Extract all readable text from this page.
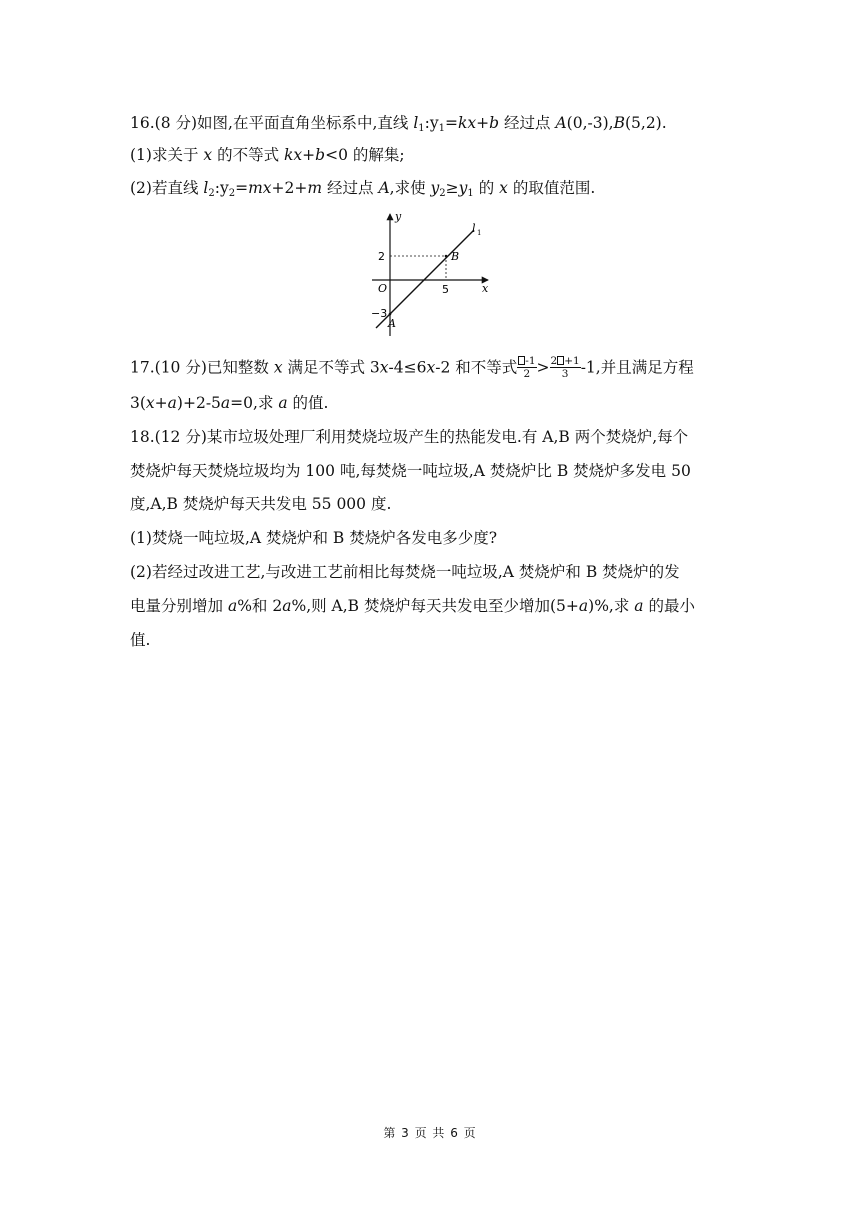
16.(8 分)如图,在平面直角坐标系中,直线 $l_1:y_1=kx+b$ 经过点 A(0,-3),B(5,2).
(1)求关于 x 的不等式 kx+b<0 的解集;
(2)若直线 $l_2:y_2=mx+2+m$ 经过点 A,求使 $y_2\ge y_1$ 的 x 的取值范围.
y
x
O
2
5
−3
A
B
l 1
17.(10 分)已知整数 x 满足不等式 3x-4≤6x-2 和不等式 $\frac{-1}{2} > \frac{2 +1}{3} -1$,并且满足方程
3(x+a)+2-5a=0,求 a 的值.
18.(12 分)某市垃圾处理厂利用焚烧垃圾产生的热能发电.有 A,B 两个焚烧炉,每个
焚烧炉每天焚烧垃圾均为 100 吨,每焚烧一吨垃圾,A 焚烧炉比 B 焚烧炉多发电 50
度,A,B 焚烧炉每天共发电 55 000 度.
(1)焚烧一吨垃圾,A 焚烧炉和 B 焚烧炉各发电多少度?
(2)若经过改进工艺,与改进工艺前相比每焚烧一吨垃圾,A 焚烧炉和 B 焚烧炉的发
电量分别增加 a%和 2a%,则 A,B 焚烧炉每天共发电至少增加(5+a)%,求 a 的最小
值.
第 3 页 共 6 页
